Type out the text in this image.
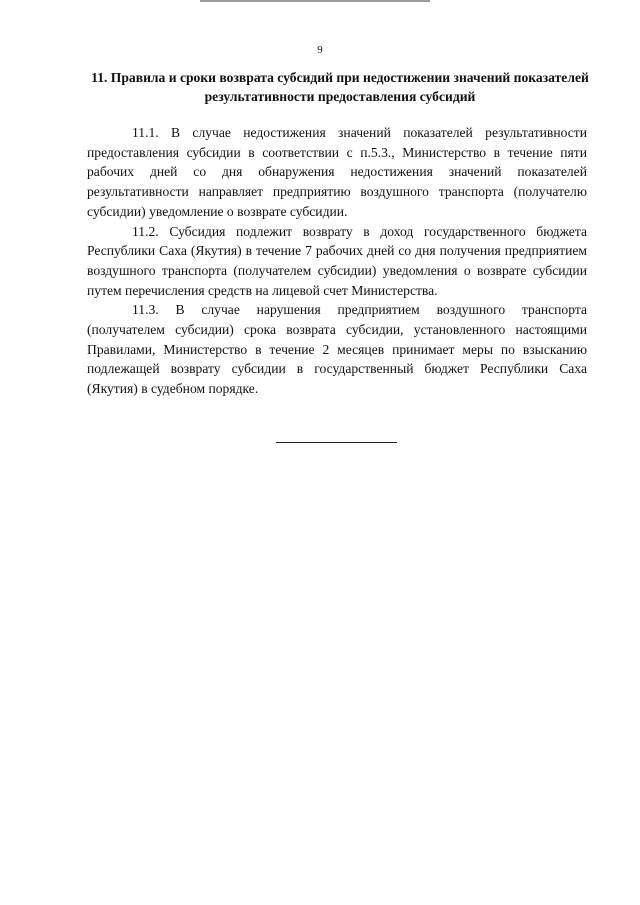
9
11. Правила и сроки возврата субсидий при недостижении значений показателей результативности предоставления субсидий

11.1. В случае недостижения значений показателей результативности предоставления субсидии в соответствии с п.5.3., Министерство в течение пяти рабочих дней со дня обнаружения недостижения значений показателей результативности направляет предприятию воздушного транспорта (получателю субсидии) уведомление о возврате субсидии.

11.2. Субсидия подлежит возврату в доход государственного бюджета Республики Саха (Якутия) в течение 7 рабочих дней со дня получения предприятием воздушного транспорта (получателем субсидии) уведомления о возврате субсидии путем перечисления средств на лицевой счет Министерства.

11.3. В случае нарушения предприятием воздушного транспорта (получателем субсидии) срока возврата субсидии, установленного настоящими Правилами, Министерство в течение 2 месяцев принимает меры по взысканию подлежащей возврату субсидии в государственный бюджет Республики Саха (Якутия) в судебном порядке.
